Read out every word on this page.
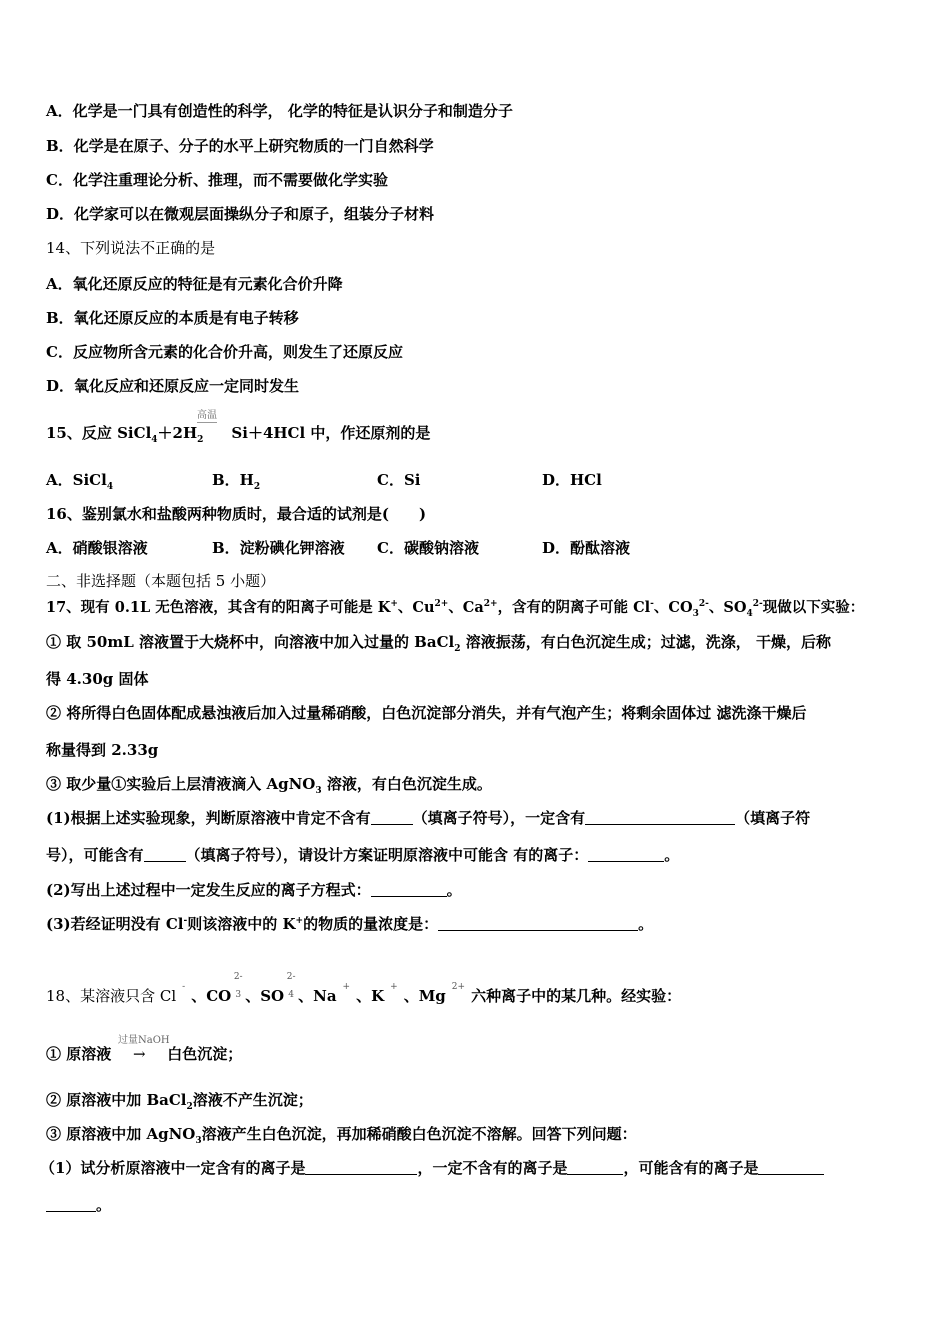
A．化学是一门具有创造性的科学， 化学的特征是认识分子和制造分子
B．化学是在原子、分子的水平上研究物质的一门自然科学
C．化学注重理论分析、推理，而不需要做化学实验
D．化学家可以在微观层面操纵分子和原子，组装分子材料
14、下列说法不正确的是
A．氧化还原反应的特征是有元素化合价升降
B．氧化还原反应的本质是有电子转移
C．反应物所含元素的化合价升高，则发生了还原反应
D．氧化反应和还原反应一定同时发生
高温
15、反应 $SiCl_4+2H_2$ Si＋4HCl 中，作还原剂的是
A．SiCl$_4$	B．$H_2$	C．Si	D．HCl
16、鉴别氯水和盐酸两种物质时，最合适的试剂是(　　)
A．硝酸银溶液	B．淀粉碘化钾溶液 C．碳酸钠溶液	D．酚酞溶液
二、非选择题（本题包括 5 小题）
17、现有 0.1L 无色溶液，其含有的阳离子可能是 K+、$Cu^{2+}$、$Ca^{2+}$，含有的阴离子可能 Cl-、$CO_3^{2-}$、$SO_4^{2-}$现做以下实验：
① 取 50mL 溶液置于大烧杯中，向溶液中加入过量的 BaCl$_2$ 溶液振荡，有白色沉淀生成；过滤，洗涤， 干燥，后称
得 4.30g 固体
② 将所得白色固体配成悬浊液后加入过量稀硝酸，白色沉淀部分消失，并有气泡产生；将剩余固体过 滤洗涤干燥后
称量得到 2.33g
③ 取少量①实验后上层清液滴入 AgNO$_3$ 溶液，有白色沉淀生成。
(1)根据上述实验现象，判断原溶液中肯定不含有	（填离子符号），一定含有	（填离子符
号），可能含有	（填离子符号），请设计方案证明原溶液中可能含 有的离子：	。
(2)写出上述过程中一定发生反应的离子方程式：	。
(3)若经证明没有 Cl-则该溶液中的 K+的物质的量浓度是：	。
18、某溶液只含 Cl - 、CO
2-
3 、SO
2-
4 、Na + 、K + 、Mg $^{2+}$ 六种离子中的某几种。经实验：
过量NaOH
① 原溶液 → 白色沉淀；
② 原溶液中加 BaCl$_2$溶液不产生沉淀；
③ 原溶液中加 AgNO$_3$溶液产生白色沉淀，再加稀硝酸白色沉淀不溶解。回答下列问题：
（1）试分析原溶液中一定含有的离子是	，一定不含有的离子是	，可能含有的离子是
。
